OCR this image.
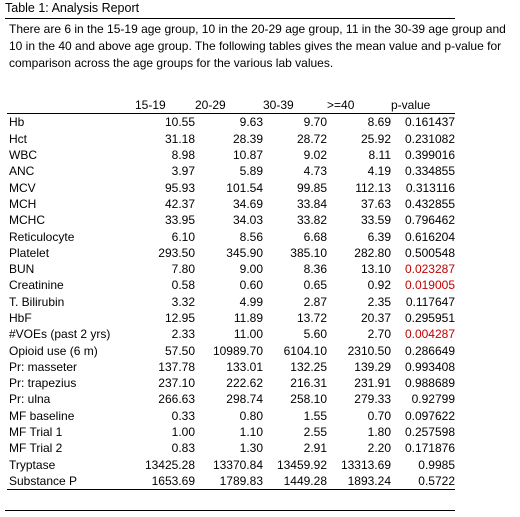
Table 1: Analysis Report

There are 6 in the 15-19 age group, 10 in the 20-29 age group, 11 in the 30-39 age group and 10 in the 40 and above age group. The following tables gives the mean value and p-value for comparison across the age groups for the various lab values.

	15-19	20-29	30-39	>=40	p-value
Hb	10.55	9.63	9.70	8.69	0.161437
Hct	31.18	28.39	28.72	25.92	0.231082
WBC	8.98	10.87	9.02	8.11	0.399016
ANC	3.97	5.89	4.73	4.19	0.334855
MCV	95.93	101.54	99.85	112.13	0.313116
MCH	42.37	34.69	33.84	37.63	0.432855
MCHC	33.95	34.03	33.82	33.59	0.796462
Reticulocyte	6.10	8.56	6.68	6.39	0.616204
Platelet	293.50	345.90	385.10	282.80	0.500548
BUN	7.80	9.00	8.36	13.10	0.023287
Creatinine	0.58	0.60	0.65	0.92	0.019005
T. Bilirubin	3.32	4.99	2.87	2.35	0.117647
HbF	12.95	11.89	13.72	20.37	0.295951
#VOEs (past 2 yrs)	2.33	11.00	5.60	2.70	0.004287
Opioid use (6 m)	57.50	10989.70	6104.10	2310.50	0.286649
Pr: masseter	137.78	133.01	132.25	139.29	0.993408
Pr: trapezius	237.10	222.62	216.31	231.91	0.988689
Pr: ulna	266.63	298.74	258.10	279.33	0.92799
MF baseline	0.33	0.80	1.55	0.70	0.097622
MF Trial 1	1.00	1.10	2.55	1.80	0.257598
MF Trial 2	0.83	1.30	2.91	2.20	0.171876
Tryptase	13425.28	13370.84	13459.92	13313.69	0.9985
Substance P	1653.69	1789.83	1449.28	1893.24	0.5722
